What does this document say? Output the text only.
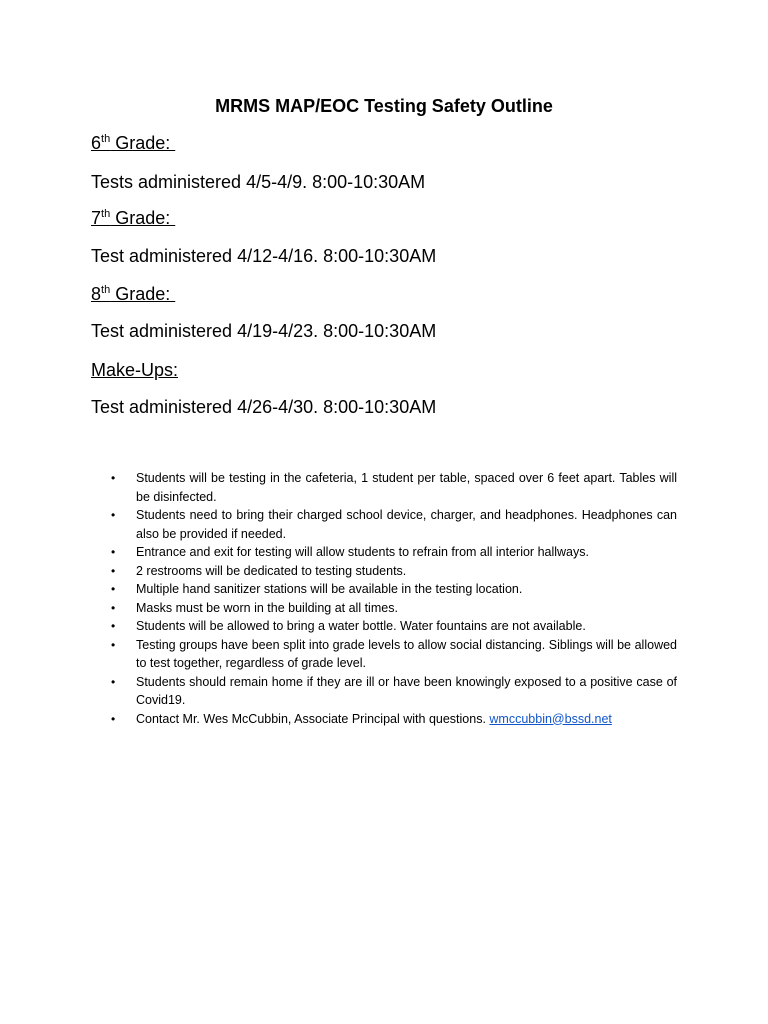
MRMS MAP/EOC Testing Safety Outline
6th Grade:
Tests administered 4/5-4/9. 8:00-10:30AM
7th Grade:
Test administered 4/12-4/16. 8:00-10:30AM
8th Grade:
Test administered 4/19-4/23. 8:00-10:30AM
Make-Ups:
Test administered 4/26-4/30. 8:00-10:30AM
• Students will be testing in the cafeteria, 1 student per table, spaced over 6 feet apart. Tables will be disinfected.
• Students need to bring their charged school device, charger, and headphones. Headphones can also be provided if needed.
• Entrance and exit for testing will allow students to refrain from all interior hallways.
• 2 restrooms will be dedicated to testing students.
• Multiple hand sanitizer stations will be available in the testing location.
• Masks must be worn in the building at all times.
• Students will be allowed to bring a water bottle. Water fountains are not available.
• Testing groups have been split into grade levels to allow social distancing. Siblings will be allowed to test together, regardless of grade level.
• Students should remain home if they are ill or have been knowingly exposed to a positive case of Covid19.
• Contact Mr. Wes McCubbin, Associate Principal with questions. wmccubbin@bssd.net
